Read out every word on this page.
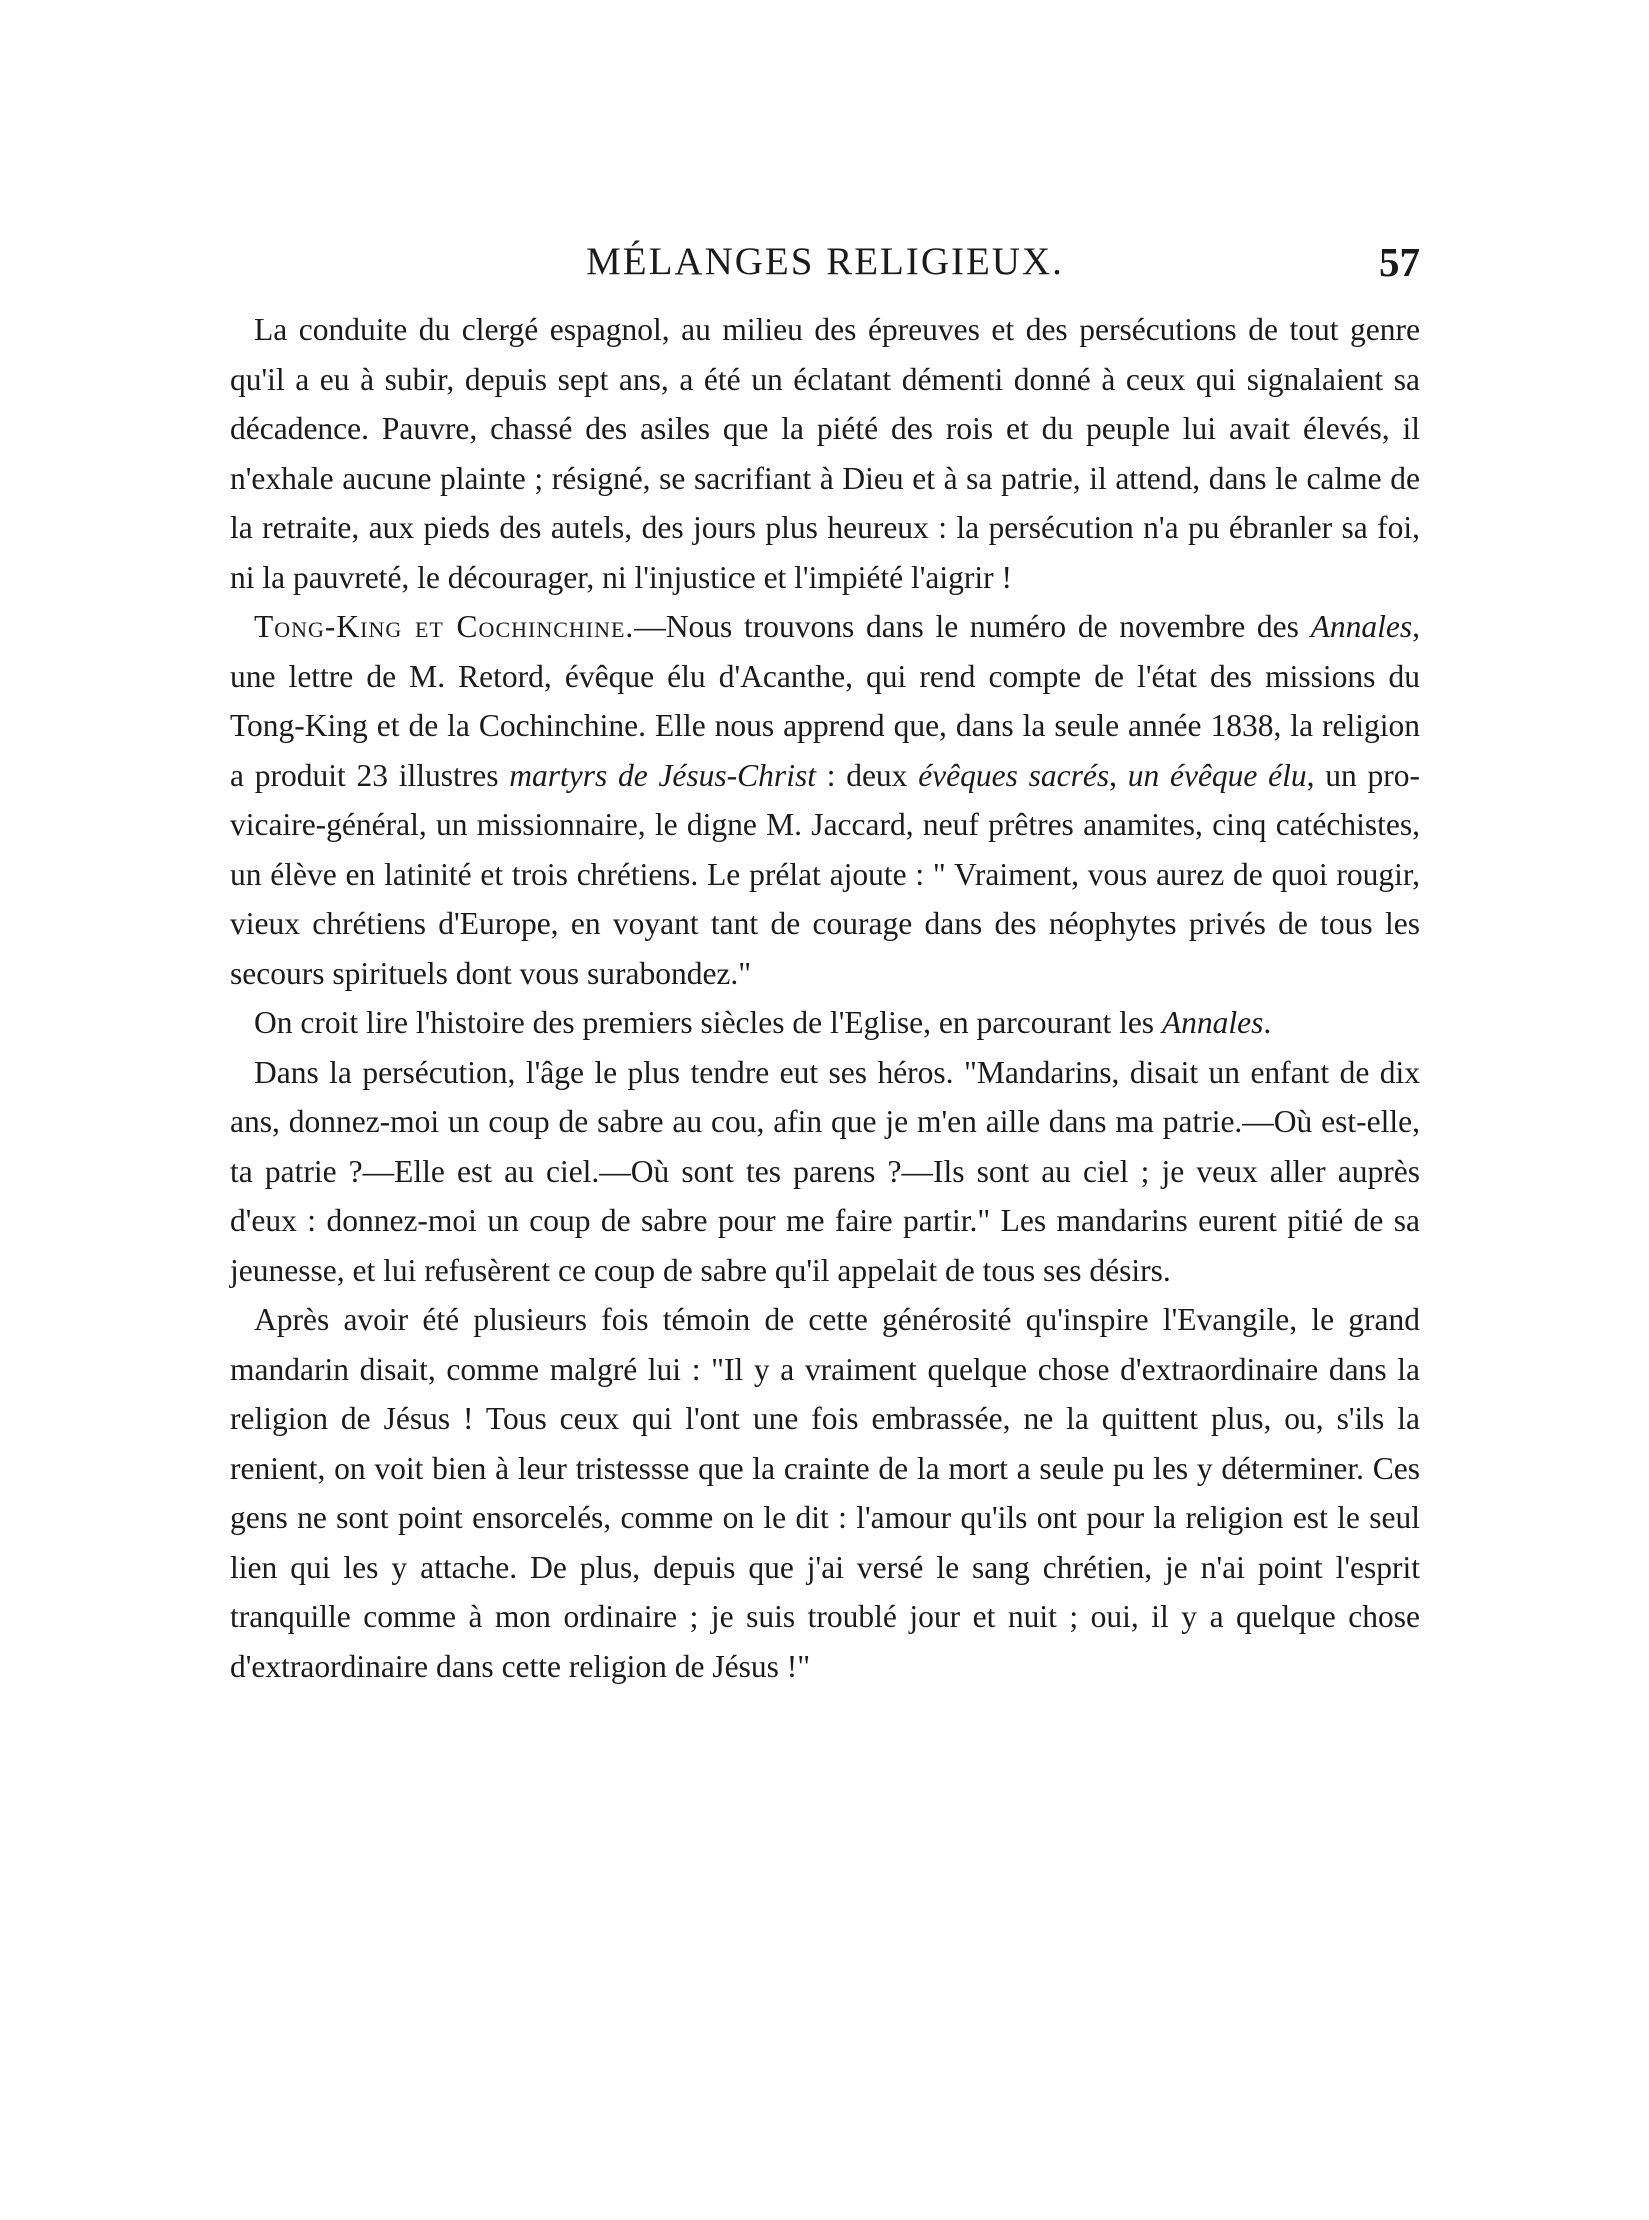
MÉLANGES RELIGIEUX.	57

La conduite du clergé espagnol, au milieu des épreuves et des persécutions de tout genre qu'il a eu à subir, depuis sept ans, a été un éclatant démenti donné à ceux qui signalaient sa décadence. Pauvre, chassé des asiles que la piété des rois et du peuple lui avait élevés, il n'exhale aucune plainte ; résigné, se sacrifiant à Dieu et à sa patrie, il attend, dans le calme de la retraite, aux pieds des autels, des jours plus heureux : la persécution n'a pu ébranler sa foi, ni la pauvreté, le décourager, ni l'injustice et l'impiété l'aigrir !

Tong-King et Cochinchine.—Nous trouvons dans le numéro de novembre des Annales, une lettre de M. Retord, évêque élu d'Acanthe, qui rend compte de l'état des missions du Tong-King et de la Cochinchine. Elle nous apprend que, dans la seule année 1838, la religion a produit 23 illustres martyrs de Jésus-Christ : deux évêques sacrés, un évêque élu, un pro-vicaire-général, un missionnaire, le digne M. Jaccard, neuf prêtres anamites, cinq catéchistes, un élève en latinité et trois chrétiens. Le prélat ajoute : " Vraiment, vous aurez de quoi rougir, vieux chrétiens d'Europe, en voyant tant de courage dans des néophytes privés de tous les secours spirituels dont vous surabondez."

On croit lire l'histoire des premiers siècles de l'Eglise, en parcourant les Annales.

Dans la persécution, l'âge le plus tendre eut ses héros. "Mandarins, disait un enfant de dix ans, donnez-moi un coup de sabre au cou, afin que je m'en aille dans ma patrie.—Où est-elle, ta patrie ?—Elle est au ciel.—Où sont tes parens ?—Ils sont au ciel ; je veux aller auprès d'eux : donnez-moi un coup de sabre pour me faire partir." Les mandarins eurent pitié de sa jeunesse, et lui refusèrent ce coup de sabre qu'il appelait de tous ses désirs.

Après avoir été plusieurs fois témoin de cette générosité qu'inspire l'Evangile, le grand mandarin disait, comme malgré lui : "Il y a vraiment quelque chose d'extraordinaire dans la religion de Jésus ! Tous ceux qui l'ont une fois embrassée, ne la quittent plus, ou, s'ils la renient, on voit bien à leur tristessse que la crainte de la mort a seule pu les y déterminer. Ces gens ne sont point ensorcelés, comme on le dit : l'amour qu'ils ont pour la religion est le seul lien qui les y attache. De plus, depuis que j'ai versé le sang chrétien, je n'ai point l'esprit tranquille comme à mon ordinaire ; je suis troublé jour et nuit ; oui, il y a quelque chose d'extraordinaire dans cette religion de Jésus !"
